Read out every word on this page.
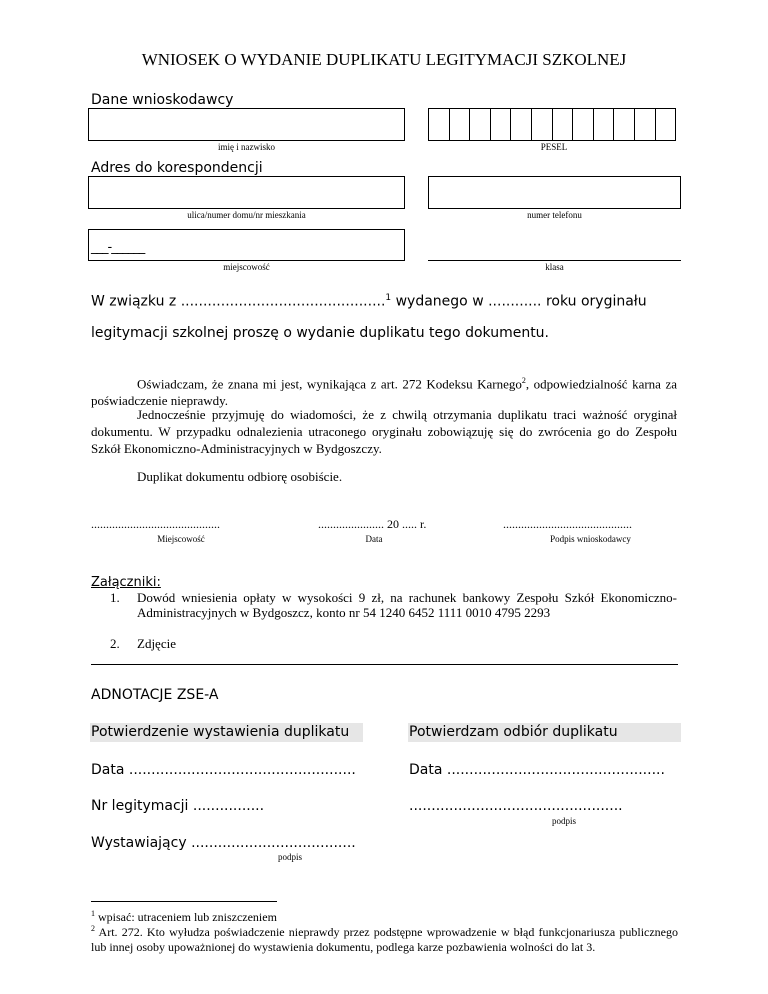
WNIOSEK O WYDANIE DUPLIKATU LEGITYMACJI SZKOLNEJ
Dane wnioskodawcy
imię i nazwisko	PESEL
Adres do korespondencji
ulica/numer domu/nr mieszkania	numer telefonu
___-______
miejscowość	klasa
W związku z ..............................................$^1$ wydanego w ............ roku oryginału
legitymacji szkolnej proszę o wydanie duplikatu tego dokumentu.
Oświadczam, że znana mi jest, wynikająca z art. 272 Kodeksu Karnego$^2$, odpowiedzialność karna za poświadczenie nieprawdy.
Jednocześnie przyjmuję do wiadomości, że z chwilą otrzymania duplikatu traci ważność oryginał dokumentu. W przypadku odnalezienia utraconego oryginału zobowiązuję się do zwrócenia go do Zespołu Szkół Ekonomiczno-Administracyjnych w Bydgoszczy.
Duplikat dokumentu odbiorę osobiście.
...........................................
Miejscowość
...................... 20 ..... r.
Data
...........................................
Podpis wnioskodawcy
Załączniki:
1. Dowód wniesienia opłaty w wysokości 9 zł, na rachunek bankowy Zespołu Szkół Ekonomiczno-Administracyjnych w Bydgoszcz, konto nr 54 1240 6452 1111 0010 4795 2293
2. Zdjęcie
ADNOTACJE ZSE-A
Potwierdzenie wystawienia duplikatu	Potwierdzam odbiór duplikatu
Data ...................................................	Data .................................................
Nr legitymacji ................	................................................
podpis
Wystawiający .....................................
podpis
$^1$ wpisać: utraceniem lub zniszczeniem
$^2$ Art. 272. Kto wyłudza poświadczenie nieprawdy przez podstępne wprowadzenie w błąd funkcjonariusza publicznego lub innej osoby upoważnionej do wystawienia dokumentu, podlega karze pozbawienia wolności do lat 3.
